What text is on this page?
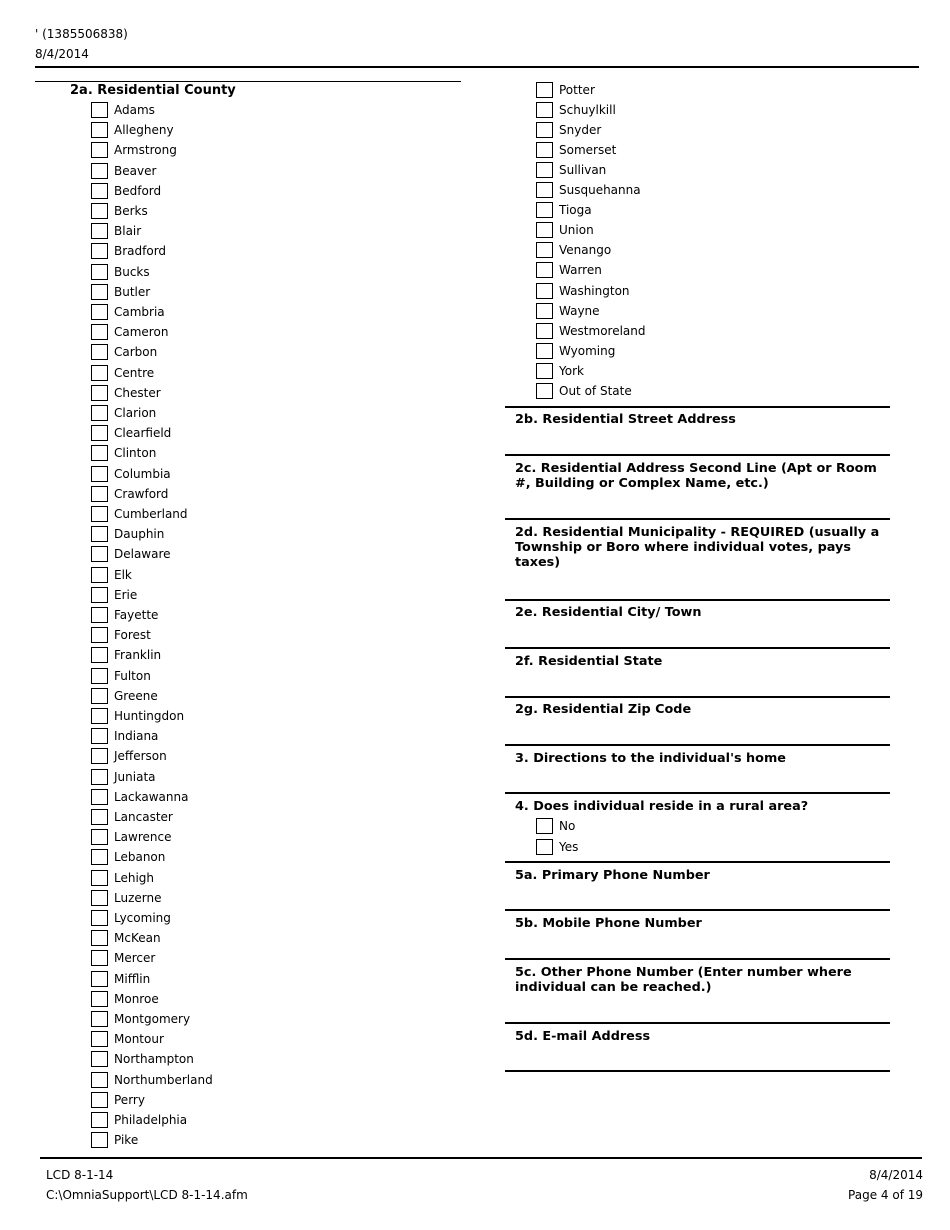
' (1385506838)
8/4/2014
2a. Residential County
Adams
Allegheny
Armstrong
Beaver
Bedford
Berks
Blair
Bradford
Bucks
Butler
Cambria
Cameron
Carbon
Centre
Chester
Clarion
Clearfield
Clinton
Columbia
Crawford
Cumberland
Dauphin
Delaware
Elk
Erie
Fayette
Forest
Franklin
Fulton
Greene
Huntingdon
Indiana
Jefferson
Juniata
Lackawanna
Lancaster
Lawrence
Lebanon
Lehigh
Luzerne
Lycoming
McKean
Mercer
Mifflin
Monroe
Montgomery
Montour
Northampton
Northumberland
Perry
Philadelphia
Pike
Potter
Schuylkill
Snyder
Somerset
Sullivan
Susquehanna
Tioga
Union
Venango
Warren
Washington
Wayne
Westmoreland
Wyoming
York
Out of State
2b. Residential Street Address
2c. Residential Address Second Line (Apt or Room #, Building or Complex Name, etc.)
2d. Residential Municipality - REQUIRED (usually a Township or Boro where individual votes, pays taxes)
2e. Residential City/ Town
2f. Residential State
2g. Residential Zip Code
3. Directions to the individual's home
4. Does individual reside in a rural area?
No
Yes
5a. Primary Phone Number
5b. Mobile Phone Number
5c. Other Phone Number (Enter number where individual can be reached.)
5d. E-mail Address
LCD 8-1-14
C:\OmniaSupport\LCD 8-1-14.afm
8/4/2014
Page 4 of 19
